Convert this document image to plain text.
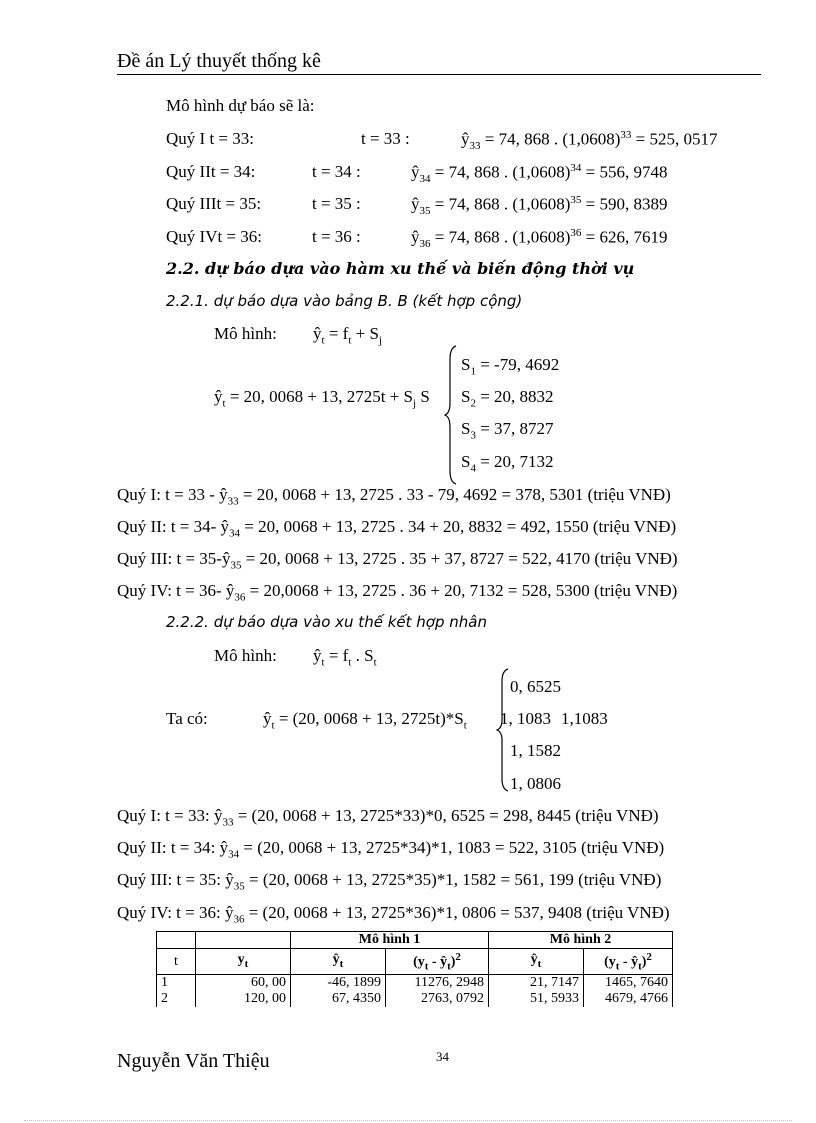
Đề án Lý thuyết thống kê
Mô hình dự báo sẽ là:
Quý I t = 33:	t = 33 :	$ŷ_{33} = 74$, 868 . $(1,0608)^{33} = 525$, 0517
Quý IIt = 34:	t = 34 :	$ŷ_{34} = 74$, 868 . $(1,0608)^{34} = 556$, 9748
Quý IIIt = 35:	t = 35 :	$ŷ_{35} = 74$, 868 . $(1,0608)^{35} = 590$, 8389
Quý IVt = 36:	t = 36 :	$ŷ_{36} = 74$, 868 . $(1,0608)^{36} = 626$, 7619
2.2. dự báo dựa vào hàm xu thế và biến động thời vụ
2.2.1. dự báo dựa vào bảng B. B (kết hợp cộng)
Mô hình: $ŷ_t = f_t + S_j$
$S_1 = -79$, 4692
$S_2 = 20$, 8832
$S_3 = 37$, 8727
$S_4 = 20$, 7132
$ŷ_t = 20$, 0068 + 13, $2725t + S_j$ S
Quý I: $t = 33 - ŷ_{33} = 20$, 0068 + 13, 2725 . 33 - 79, 4692 = 378, 5301 (triệu VNĐ)
Quý II: t = 34- $ŷ_{34} = 20$, 0068 + 13, 2725 . 34 + 20, 8832 = 492, 1550 (triệu VNĐ)
Quý III: $t = 35-ŷ_{35} = 20$, 0068 + 13, 2725 . 35 + 37, 8727 = 522, 4170 (triệu VNĐ)
Quý IV: t = 36- $ŷ_{36} = 20,0068 + 13$, 2725 . 36 + 20, 7132 = 528, 5300 (triệu VNĐ)
2.2.2. dự báo dựa vào xu thế kết hợp nhân
Mô hình: $ŷ_t = f_t$ . $S_t$
0, 6525
1, 1083 1,1083
1, 1582
1, 0806
Ta có:	$ŷ_t = (20$, 0068 + 13, $2725t)*S_t$
Quý I: t = 33: $ŷ_{33} = (20$, 0068 + 13, 2725*33)*0, 6525 = 298, 8445 (triệu VNĐ)
Quý II: t = 34: $ŷ_{34} = (20$, 0068 + 13, 2725*34)*1, 1083 = 522, 3105 (triệu VNĐ)
Quý III: t = 35: $ŷ_{35} = (20$, 0068 + 13, 2725*35)*1, 1582 = 561, 199 (triệu VNĐ)
Quý IV: t = 36: $ŷ_{36} = (20$, 0068 + 13, 2725*36)*1, 0806 = 537, 9408 (triệu VNĐ)
		Mô hình 1		Mô hình 2	
t	$y_t$	$ŷ_t$	($y_t$ - $ŷ_t)^2$	$ŷ_t$	($y_t$ - $ŷ_t)^2$
1	60, 00	-46, 1899	11276, 2948	21, 7147	1465, 7640
2	120, 00	67, 4350	2763, 0792	51, 5933	4679, 4766
Nguyễn Văn Thiệu	34
